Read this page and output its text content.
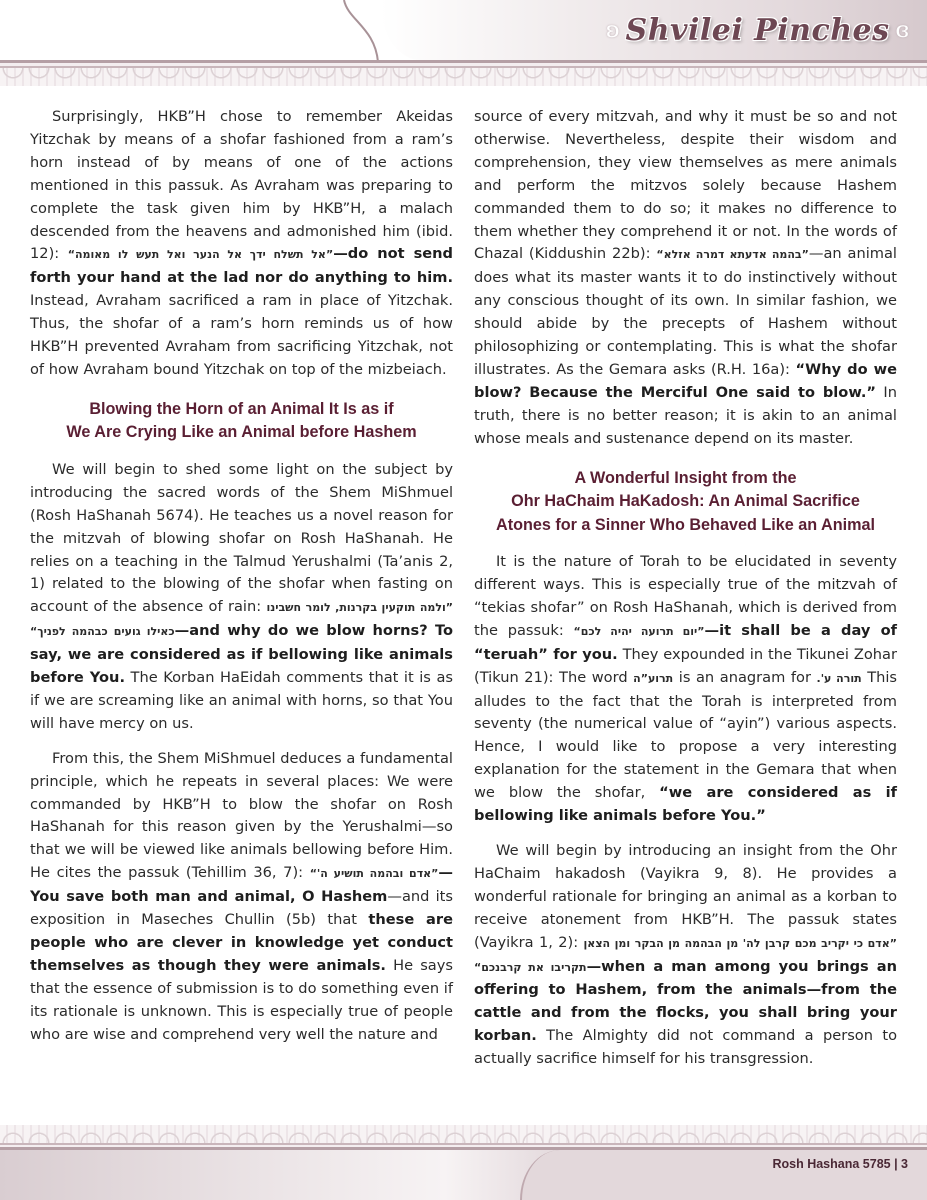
ʚ Shvilei Pinches ɞ

Surprisingly, HKB”H chose to remember Akeidas Yitzchak by means of a shofar fashioned from a ram’s horn instead of by means of one of the actions mentioned in this passuk. As Avraham was preparing to complete the task given him by HKB”H, a malach descended from the heavens and admonished him (ibid. 12): ”אל תשלח ידך אל הנער ואל תעש לו מאומה“—do not send forth your hand at the lad nor do anything to him. Instead, Avraham sacrificed a ram in place of Yitzchak. Thus, the shofar of a ram’s horn reminds us of how HKB”H prevented Avraham from sacrificing Yitzchak, not of how Avraham bound Yitzchak on top of the mizbeiach.

Blowing the Horn of an Animal It Is as if
We Are Crying Like an Animal before Hashem

We will begin to shed some light on the subject by introducing the sacred words of the Shem MiShmuel (Rosh HaShanah 5674). He teaches us a novel reason for the mitzvah of blowing shofar on Rosh HaShanah. He relies on a teaching in the Talmud Yerushalmi (Ta’anis 2, 1) related to the blowing of the shofar when fasting on account of the absence of rain: ”ולמה תוקעין בקרנות, לומר חשבינו כאילו גועים כבהמה לפניך“—and why do we blow horns? To say, we are considered as if bellowing like animals before You. The Korban HaEidah comments that it is as if we are screaming like an animal with horns, so that You will have mercy on us.

From this, the Shem MiShmuel deduces a fundamental principle, which he repeats in several places: We were commanded by HKB”H to blow the shofar on Rosh HaShanah for this reason given by the Yerushalmi—so that we will be viewed like animals bellowing before Him. He cites the passuk (Tehillim 36, 7): ”אדם ובהמה תושיע ה'“—You save both man and animal, O Hashem—and its exposition in Maseches Chullin (5b) that these are people who are clever in knowledge yet conduct themselves as though they were animals. He says that the essence of submission is to do something even if its rationale is unknown. This is especially true of people who are wise and comprehend very well the nature and

source of every mitzvah, and why it must be so and not otherwise. Nevertheless, despite their wisdom and comprehension, they view themselves as mere animals and perform the mitzvos solely because Hashem commanded them to do so; it makes no difference to them whether they comprehend it or not. In the words of Chazal (Kiddushin 22b): ”בהמה אדעתא דמרה אזלא“—an animal does what its master wants it to do instinctively without any conscious thought of its own. In similar fashion, we should abide by the precepts of Hashem without philosophizing or contemplating. This is what the shofar illustrates. As the Gemara asks (R.H. 16a): “Why do we blow? Because the Merciful One said to blow.” In truth, there is no better reason; it is akin to an animal whose meals and sustenance depend on its master.

A Wonderful Insight from the
Ohr HaChaim HaKadosh: An Animal Sacrifice
Atones for a Sinner Who Behaved Like an Animal

It is the nature of Torah to be elucidated in seventy different ways. This is especially true of the mitzvah of “tekias shofar” on Rosh HaShanah, which is derived from the passuk: ”יום תרועה יהיה לכם“—it shall be a day of “teruah” for you. They expounded in the Tikunei Zohar (Tikun 21): The word תרוע”ה is an anagram for תורה ע'. This alludes to the fact that the Torah is interpreted from seventy (the numerical value of “ayin”) various aspects. Hence, I would like to propose a very interesting explanation for the statement in the Gemara that when we blow the shofar, “we are considered as if bellowing like animals before You.”

We will begin by introducing an insight from the Ohr HaChaim hakadosh (Vayikra 9, 8). He provides a wonderful rationale for bringing an animal as a korban to receive atonement from HKB”H. The passuk states (Vayikra 1, 2): ”אדם כי יקריב מכם קרבן לה' מן הבהמה מן הבקר ומן הצאן תקריבו את קרבנכם“—when a man among you brings an offering to Hashem, from the animals—from the cattle and from the flocks, you shall bring your korban. The Almighty did not command a person to actually sacrifice himself for his transgression.

Rosh Hashana 5785 | 3
